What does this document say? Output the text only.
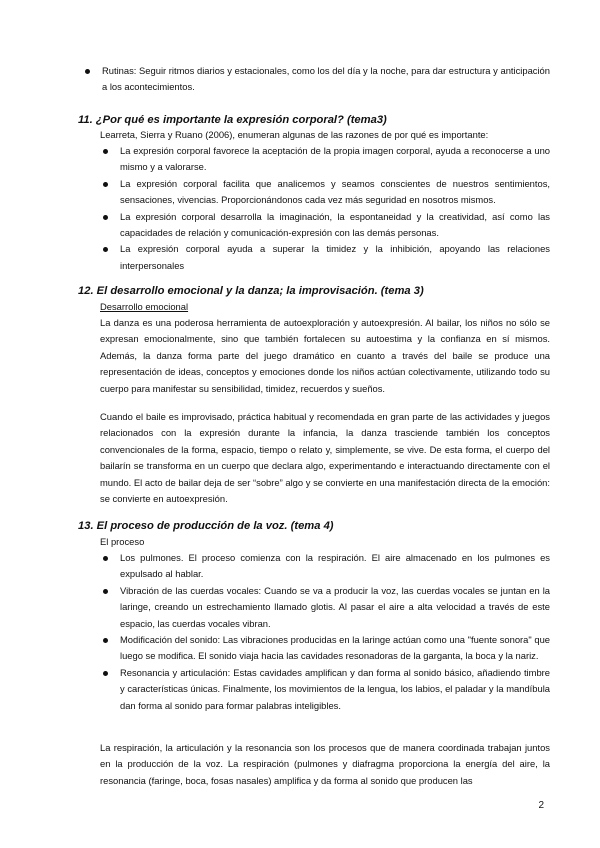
Rutinas: Seguir ritmos diarios y estacionales, como los del día y la noche, para dar estructura y anticipación a los acontecimientos.
11. ¿Por qué es importante la expresión corporal? (tema3)
Learreta, Sierra y Ruano (2006), enumeran algunas de las razones de por qué es importante:
La expresión corporal favorece la aceptación de la propia imagen corporal, ayuda a reconocerse a uno mismo y a valorarse.
La expresión corporal facilita que analicemos y seamos conscientes de nuestros sentimientos, sensaciones, vivencias. Proporcionándonos cada vez más seguridad en nosotros mismos.
La expresión corporal desarrolla la imaginación, la espontaneidad y la creatividad, así como las capacidades de relación y comunicación-expresión con las demás personas.
La expresión corporal ayuda a superar la timidez y la inhibición, apoyando las relaciones interpersonales
12. El desarrollo emocional y la danza; la improvisación. (tema 3)
Desarrollo emocional
La danza es una poderosa herramienta de autoexploración y autoexpresión. Al bailar, los niños no sólo se expresan emocionalmente, sino que también fortalecen su autoestima y la confianza en sí mismos. Además, la danza forma parte del juego dramático en cuanto a través del baile se produce una representación de ideas, conceptos y emociones donde los niños actúan colectivamente, utilizando todo su cuerpo para manifestar su sensibilidad, timidez, recuerdos y sueños.
Cuando el baile es improvisado, práctica habitual y recomendada en gran parte de las actividades y juegos relacionados con la expresión durante la infancia, la danza trasciende también los conceptos convencionales de la forma, espacio, tiempo o relato y, simplemente, se vive. De esta forma, el cuerpo del bailarín se transforma en un cuerpo que declara algo, experimentando e interactuando directamente con el mundo. El acto de bailar deja de ser “sobre” algo y se convierte en una manifestación directa de la emoción: se convierte en autoexpresión.
13. El proceso de producción de la voz. (tema 4)
El proceso
Los pulmones. El proceso comienza con la respiración. El aire almacenado en los pulmones es expulsado al hablar.
Vibración de las cuerdas vocales: Cuando se va a producir la voz, las cuerdas vocales se juntan en la laringe, creando un estrechamiento llamado glotis. Al pasar el aire a alta velocidad a través de este espacio, las cuerdas vocales vibran.
Modificación del sonido: Las vibraciones producidas en la laringe actúan como una "fuente sonora" que luego se modifica. El sonido viaja hacia las cavidades resonadoras de la garganta, la boca y la nariz.
Resonancia y articulación: Estas cavidades amplifican y dan forma al sonido básico, añadiendo timbre y características únicas. Finalmente, los movimientos de la lengua, los labios, el paladar y la mandíbula dan forma al sonido para formar palabras inteligibles.
La respiración, la articulación y la resonancia son los procesos que de manera coordinada trabajan juntos en la producción de la voz. La respiración (pulmones y diafragma proporciona la energía del aire, la resonancia (faringe, boca, fosas nasales) amplifica y da forma al sonido que producen las
2
